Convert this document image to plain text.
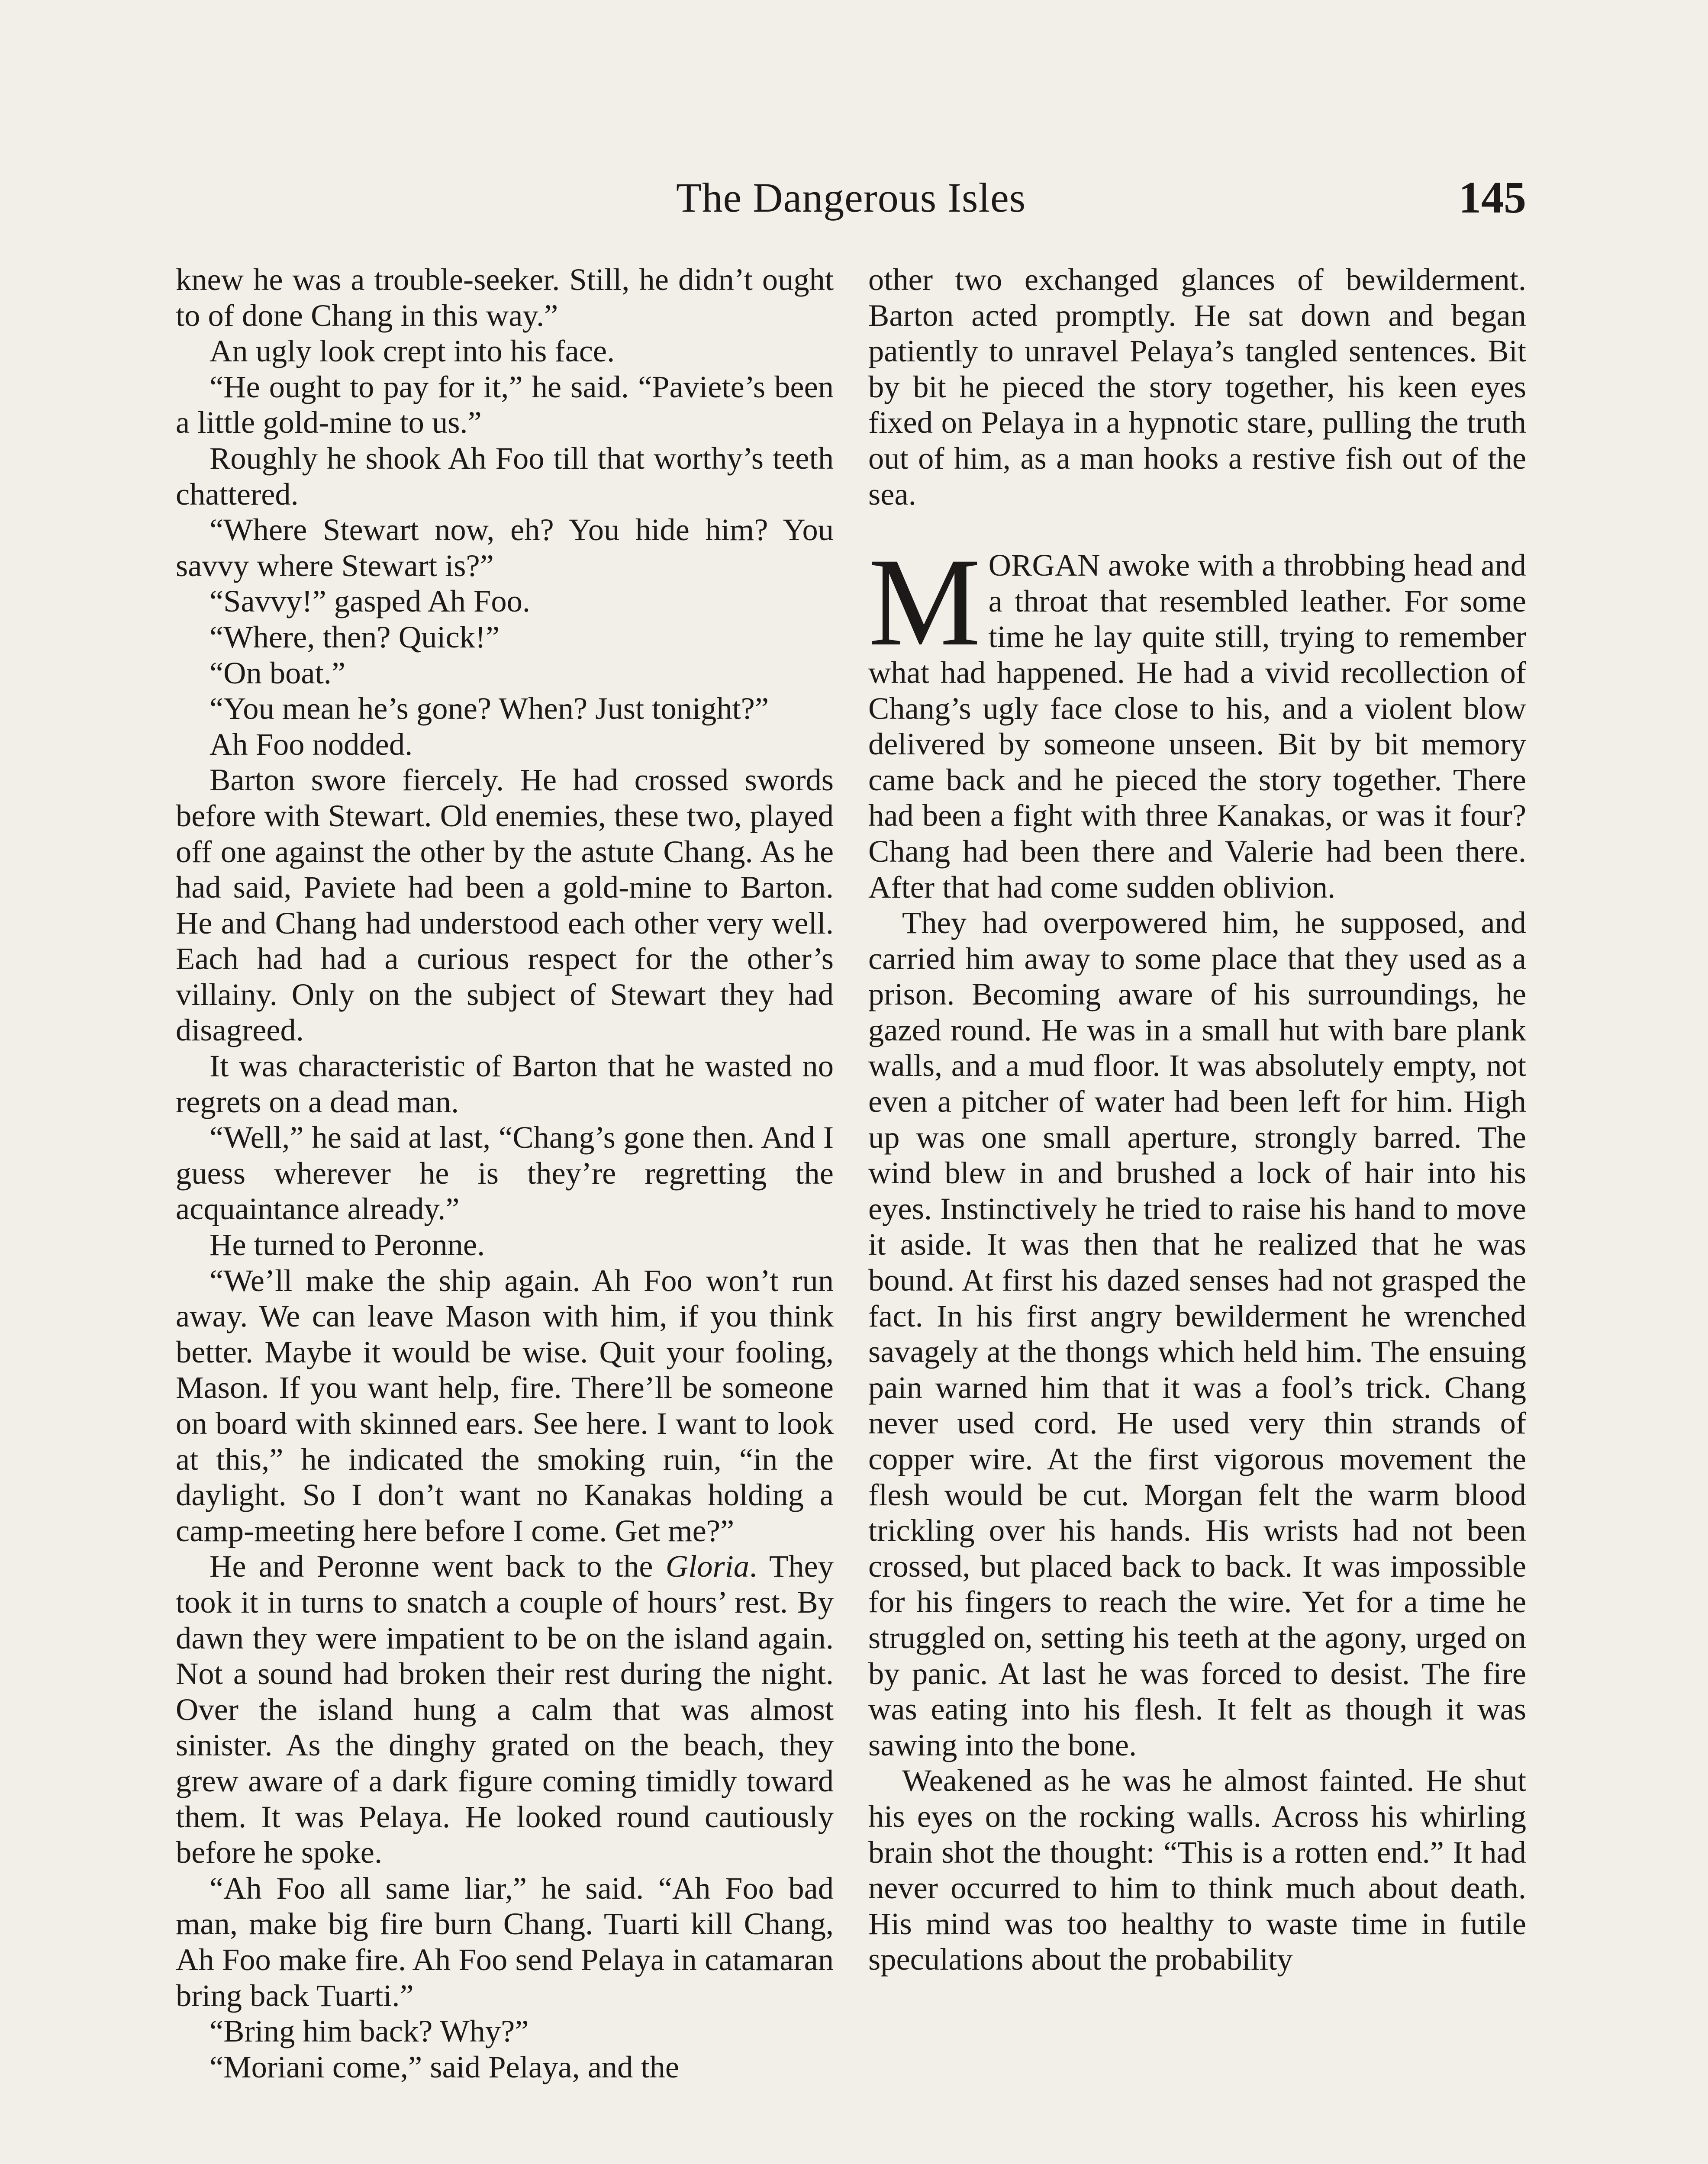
The Dangerous Isles	145

knew he was a trouble-seeker. Still, he didn’t ought to of done Chang in this way.”

An ugly look crept into his face.

“He ought to pay for it,” he said. “Paviete’s been a little gold-mine to us.”

Roughly he shook Ah Foo till that worthy’s teeth chattered.

“Where Stewart now, eh? You hide him? You savvy where Stewart is?”

“Savvy!” gasped Ah Foo.

“Where, then? Quick!”

“On boat.”

“You mean he’s gone? When? Just tonight?”

Ah Foo nodded.

Barton swore fiercely. He had crossed swords before with Stewart. Old enemies, these two, played off one against the other by the astute Chang. As he had said, Paviete had been a gold-mine to Barton. He and Chang had understood each other very well. Each had had a curious respect for the other’s villainy. Only on the subject of Stewart they had disagreed.

It was characteristic of Barton that he wasted no regrets on a dead man.

“Well,” he said at last, “Chang’s gone then. And I guess wherever he is they’re regretting the acquaintance already.”

He turned to Peronne.

“We’ll make the ship again. Ah Foo won’t run away. We can leave Mason with him, if you think better. Maybe it would be wise. Quit your fooling, Mason. If you want help, fire. There’ll be someone on board with skinned ears. See here. I want to look at this,” he indicated the smoking ruin, “in the daylight. So I don’t want no Kanakas holding a camp-meeting here before I come. Get me?”

He and Peronne went back to the Gloria. They took it in turns to snatch a couple of hours’ rest. By dawn they were impatient to be on the island again. Not a sound had broken their rest during the night. Over the island hung a calm that was almost sinister. As the dinghy grated on the beach, they grew aware of a dark figure coming timidly toward them. It was Pelaya. He looked round cautiously before he spoke.

“Ah Foo all same liar,” he said. “Ah Foo bad man, make big fire burn Chang. Tuarti kill Chang, Ah Foo make fire. Ah Foo send Pelaya in catamaran bring back Tuarti.”

“Bring him back? Why?”

“Moriani come,” said Pelaya, and the

other two exchanged glances of bewilderment. Barton acted promptly. He sat down and began patiently to unravel Pelaya’s tangled sentences. Bit by bit he pieced the story together, his keen eyes fixed on Pelaya in a hypnotic stare, pulling the truth out of him, as a man hooks a restive fish out of the sea.

MORGAN awoke with a throbbing head and a throat that resembled leather. For some time he lay quite still, trying to remember what had happened. He had a vivid recollection of Chang’s ugly face close to his, and a violent blow delivered by someone unseen. Bit by bit memory came back and he pieced the story together. There had been a fight with three Kanakas, or was it four? Chang had been there and Valerie had been there. After that had come sudden oblivion.

They had overpowered him, he supposed, and carried him away to some place that they used as a prison. Becoming aware of his surroundings, he gazed round. He was in a small hut with bare plank walls, and a mud floor. It was absolutely empty, not even a pitcher of water had been left for him. High up was one small aperture, strongly barred. The wind blew in and brushed a lock of hair into his eyes. Instinctively he tried to raise his hand to move it aside. It was then that he realized that he was bound. At first his dazed senses had not grasped the fact. In his first angry bewilderment he wrenched savagely at the thongs which held him. The ensuing pain warned him that it was a fool’s trick. Chang never used cord. He used very thin strands of copper wire. At the first vigorous movement the flesh would be cut. Morgan felt the warm blood trickling over his hands. His wrists had not been crossed, but placed back to back. It was impossible for his fingers to reach the wire. Yet for a time he struggled on, setting his teeth at the agony, urged on by panic. At last he was forced to desist. The fire was eating into his flesh. It felt as though it was sawing into the bone.

Weakened as he was he almost fainted. He shut his eyes on the rocking walls. Across his whirling brain shot the thought: “This is a rotten end.” It had never occurred to him to think much about death. His mind was too healthy to waste time in futile speculations about the probability
